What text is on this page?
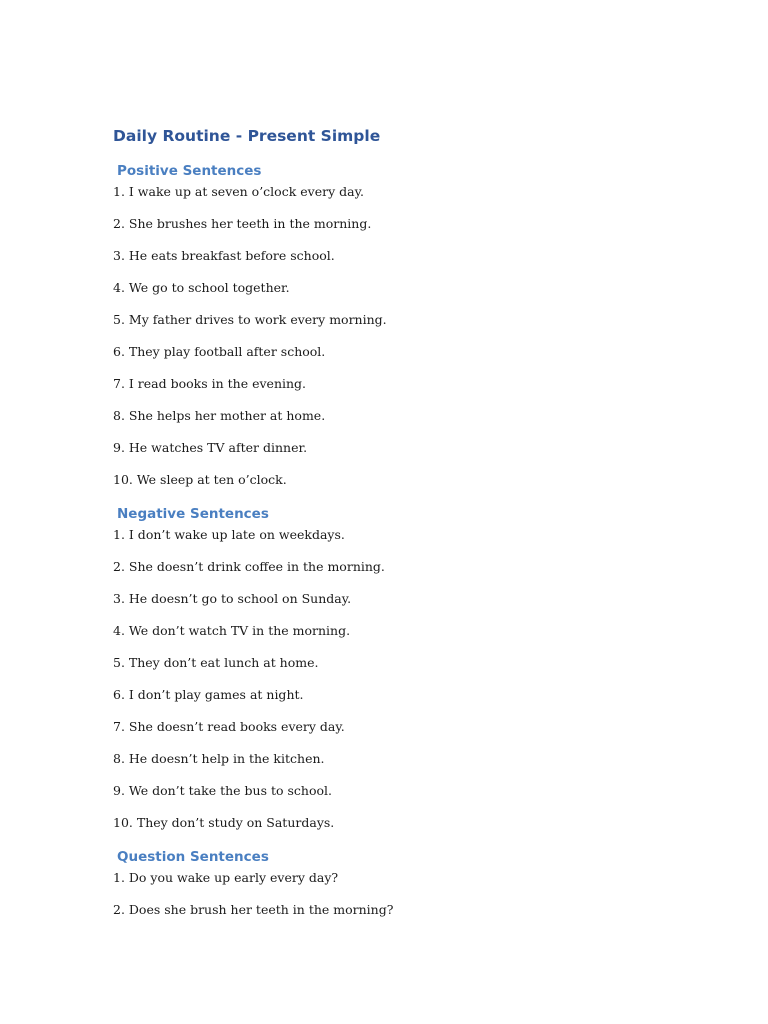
Daily Routine - Present Simple
Positive Sentences
1. I wake up at seven o’clock every day.
2. She brushes her teeth in the morning.
3. He eats breakfast before school.
4. We go to school together.
5. My father drives to work every morning.
6. They play football after school.
7. I read books in the evening.
8. She helps her mother at home.
9. He watches TV after dinner.
10. We sleep at ten o’clock.
Negative Sentences
1. I don’t wake up late on weekdays.
2. She doesn’t drink coffee in the morning.
3. He doesn’t go to school on Sunday.
4. We don’t watch TV in the morning.
5. They don’t eat lunch at home.
6. I don’t play games at night.
7. She doesn’t read books every day.
8. He doesn’t help in the kitchen.
9. We don’t take the bus to school.
10. They don’t study on Saturdays.
Question Sentences
1. Do you wake up early every day?
2. Does she brush her teeth in the morning?
